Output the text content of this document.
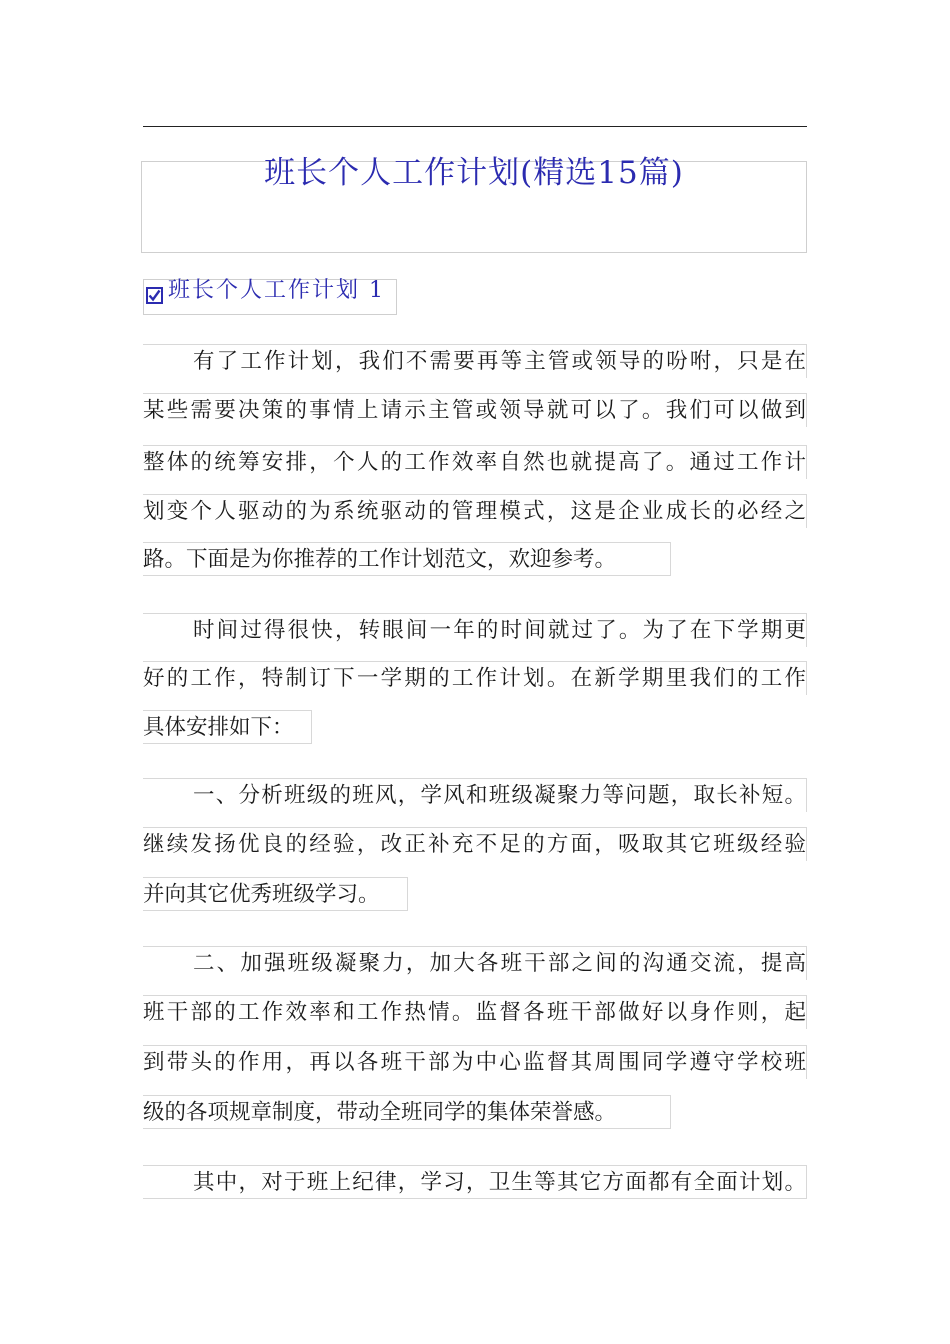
班长个人工作计划(精选15篇)
班长个人工作计划 1
有了工作计划，我们不需要再等主管或领导的吩咐，只是在
某些需要决策的事情上请示主管或领导就可以了。我们可以做到
整体的统筹安排，个人的工作效率自然也就提高了。通过工作计
划变个人驱动的为系统驱动的管理模式，这是企业成长的必经之
路。下面是为你推荐的工作计划范文，欢迎参考。
时间过得很快，转眼间一年的时间就过了。为了在下学期更
好的工作，特制订下一学期的工作计划。在新学期里我们的工作
具体安排如下：
一、分析班级的班风，学风和班级凝聚力等问题，取长补短。
继续发扬优良的经验，改正补充不足的方面，吸取其它班级经验
并向其它优秀班级学习。
二、加强班级凝聚力，加大各班干部之间的沟通交流，提高
班干部的工作效率和工作热情。监督各班干部做好以身作则，起
到带头的作用，再以各班干部为中心监督其周围同学遵守学校班
级的各项规章制度，带动全班同学的集体荣誉感。
其中，对于班上纪律，学习，卫生等其它方面都有全面计划。
